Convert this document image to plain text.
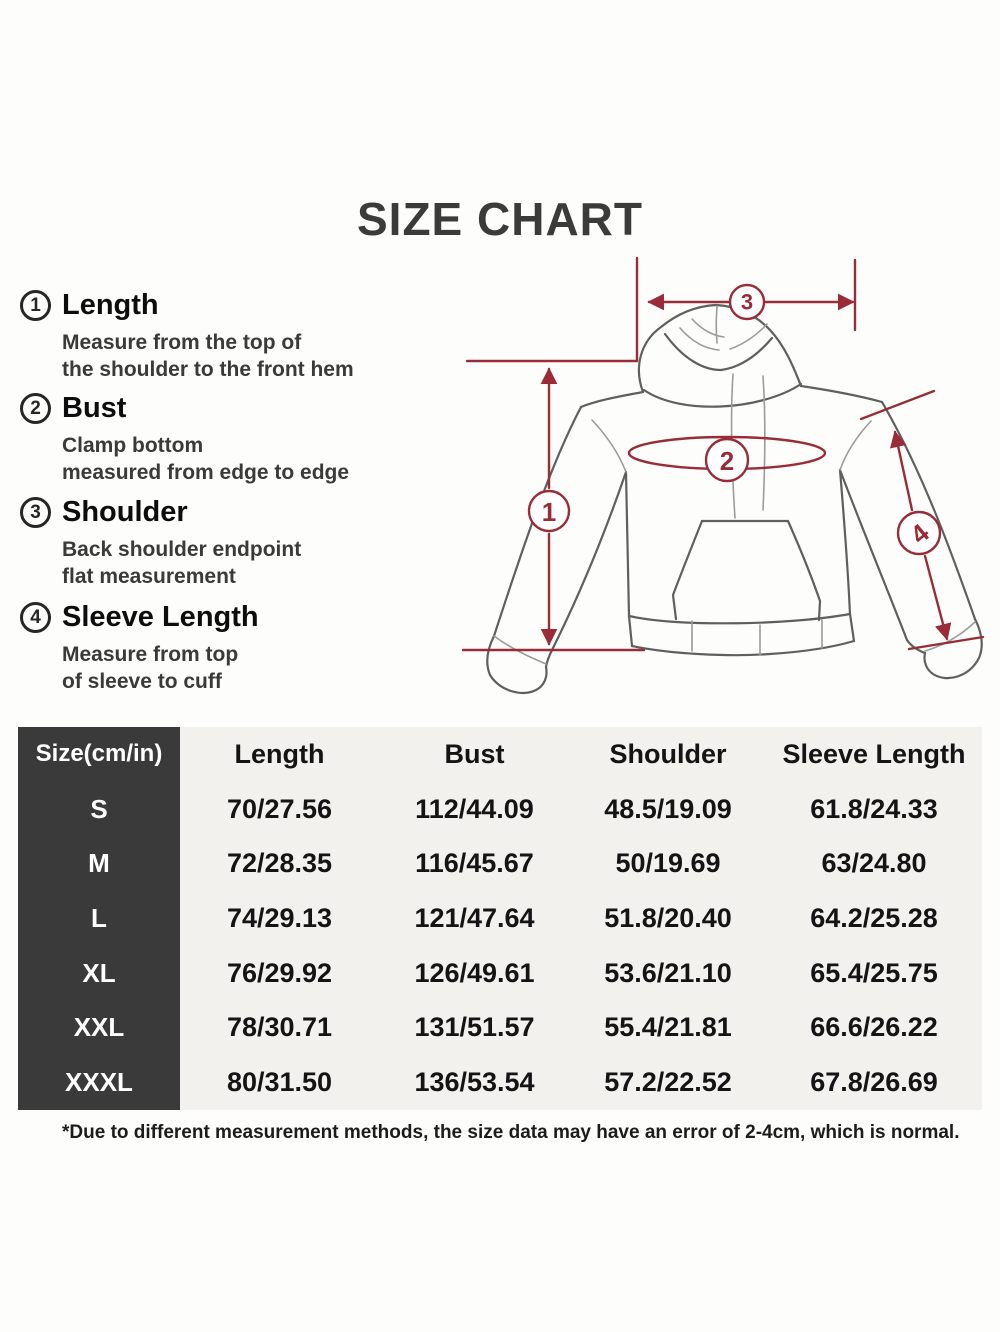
SIZE CHART
1 Length
Measure from the top of
the shoulder to the front hem
2 Bust
Clamp bottom
measured from edge to edge
3 Shoulder
Back shoulder endpoint
flat measurement
4 Sleeve Length
Measure from top
of sleeve to cuff
3
1
2
4
Size(cm/in)	Length	Bust	Shoulder	Sleeve Length
S	70/27.56	112/44.09	48.5/19.09	61.8/24.33
M	72/28.35	116/45.67	50/19.69	63/24.80
L	74/29.13	121/47.64	51.8/20.40	64.2/25.28
XL	76/29.92	126/49.61	53.6/21.10	65.4/25.75
XXL	78/30.71	131/51.57	55.4/21.81	66.6/26.22
XXXL	80/31.50	136/53.54	57.2/22.52	67.8/26.69

*Due to different measurement methods, the size data may have an error of 2-4cm, which is normal.
